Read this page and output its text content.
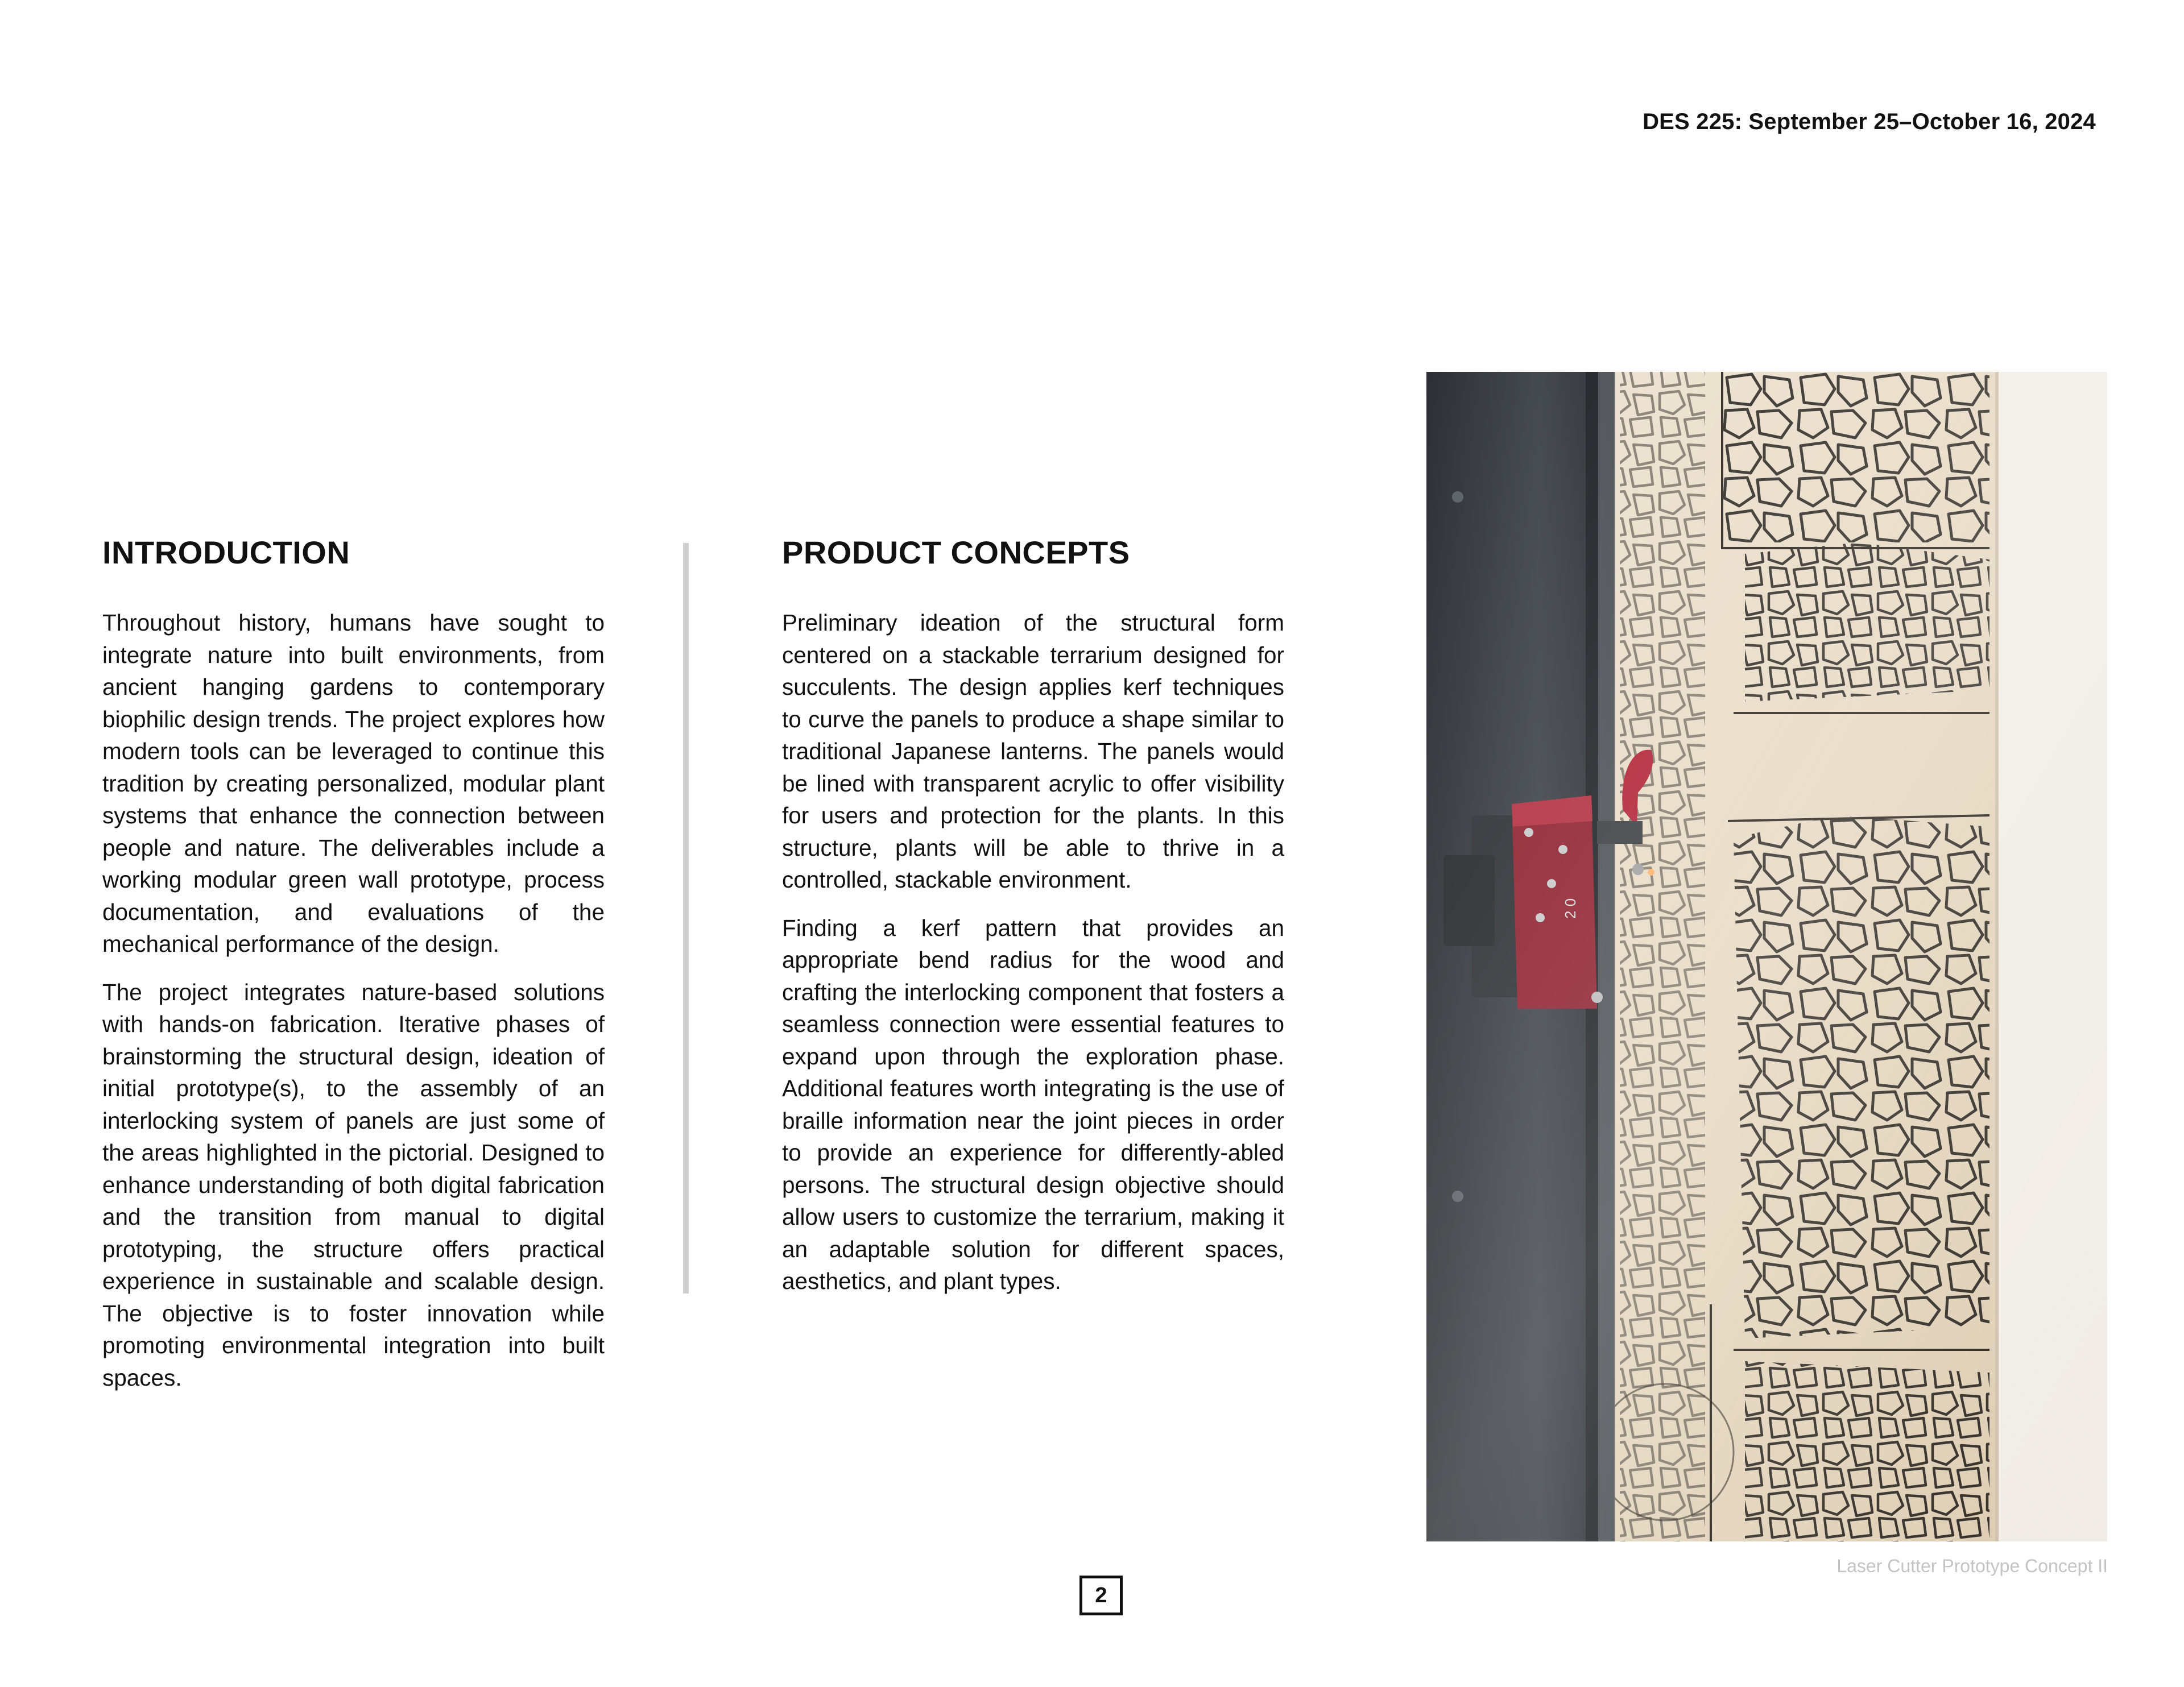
DES 225: September 25–October 16, 2024
INTRODUCTION

Throughout history, humans have sought to integrate nature into built environments, from ancient hanging gardens to contemporary biophilic design trends. The project explores how modern tools can be leveraged to continue this tradition by creating personalized, modular plant systems that enhance the connection between people and nature. The deliverables include a working modular green wall prototype, process documentation, and evaluations of the mechanical performance of the design.

The project integrates nature-based solutions with hands-on fabrication. Iterative phases of brainstorming the structural design, ideation of initial prototype(s), to the assembly of an interlocking system of panels are just some of the areas highlighted in the pictorial. Designed to enhance understanding of both digital fabrication and the transition from manual to digital prototyping, the structure offers practical experience in sustainable and scalable design. The objective is to foster innovation while promoting environmental integration into built spaces.

PRODUCT CONCEPTS

Preliminary ideation of the structural form centered on a stackable terrarium designed for succulents. The design applies kerf techniques to curve the panels to produce a shape similar to traditional Japanese lanterns. The panels would be lined with transparent acrylic to offer visibility for users and protection for the plants. In this structure, plants will be able to thrive in a controlled, stackable environment.

Finding a kerf pattern that provides an appropriate bend radius for the wood and crafting the interlocking component that fosters a seamless connection were essential features to expand upon through the exploration phase. Additional features worth integrating is the use of braille information near the joint pieces in order to provide an experience for differently-abled persons. The structural design objective should allow users to customize the terrarium, making it an adaptable solution for different spaces, aesthetics, and plant types.

Laser Cutter Prototype Concept II
2
